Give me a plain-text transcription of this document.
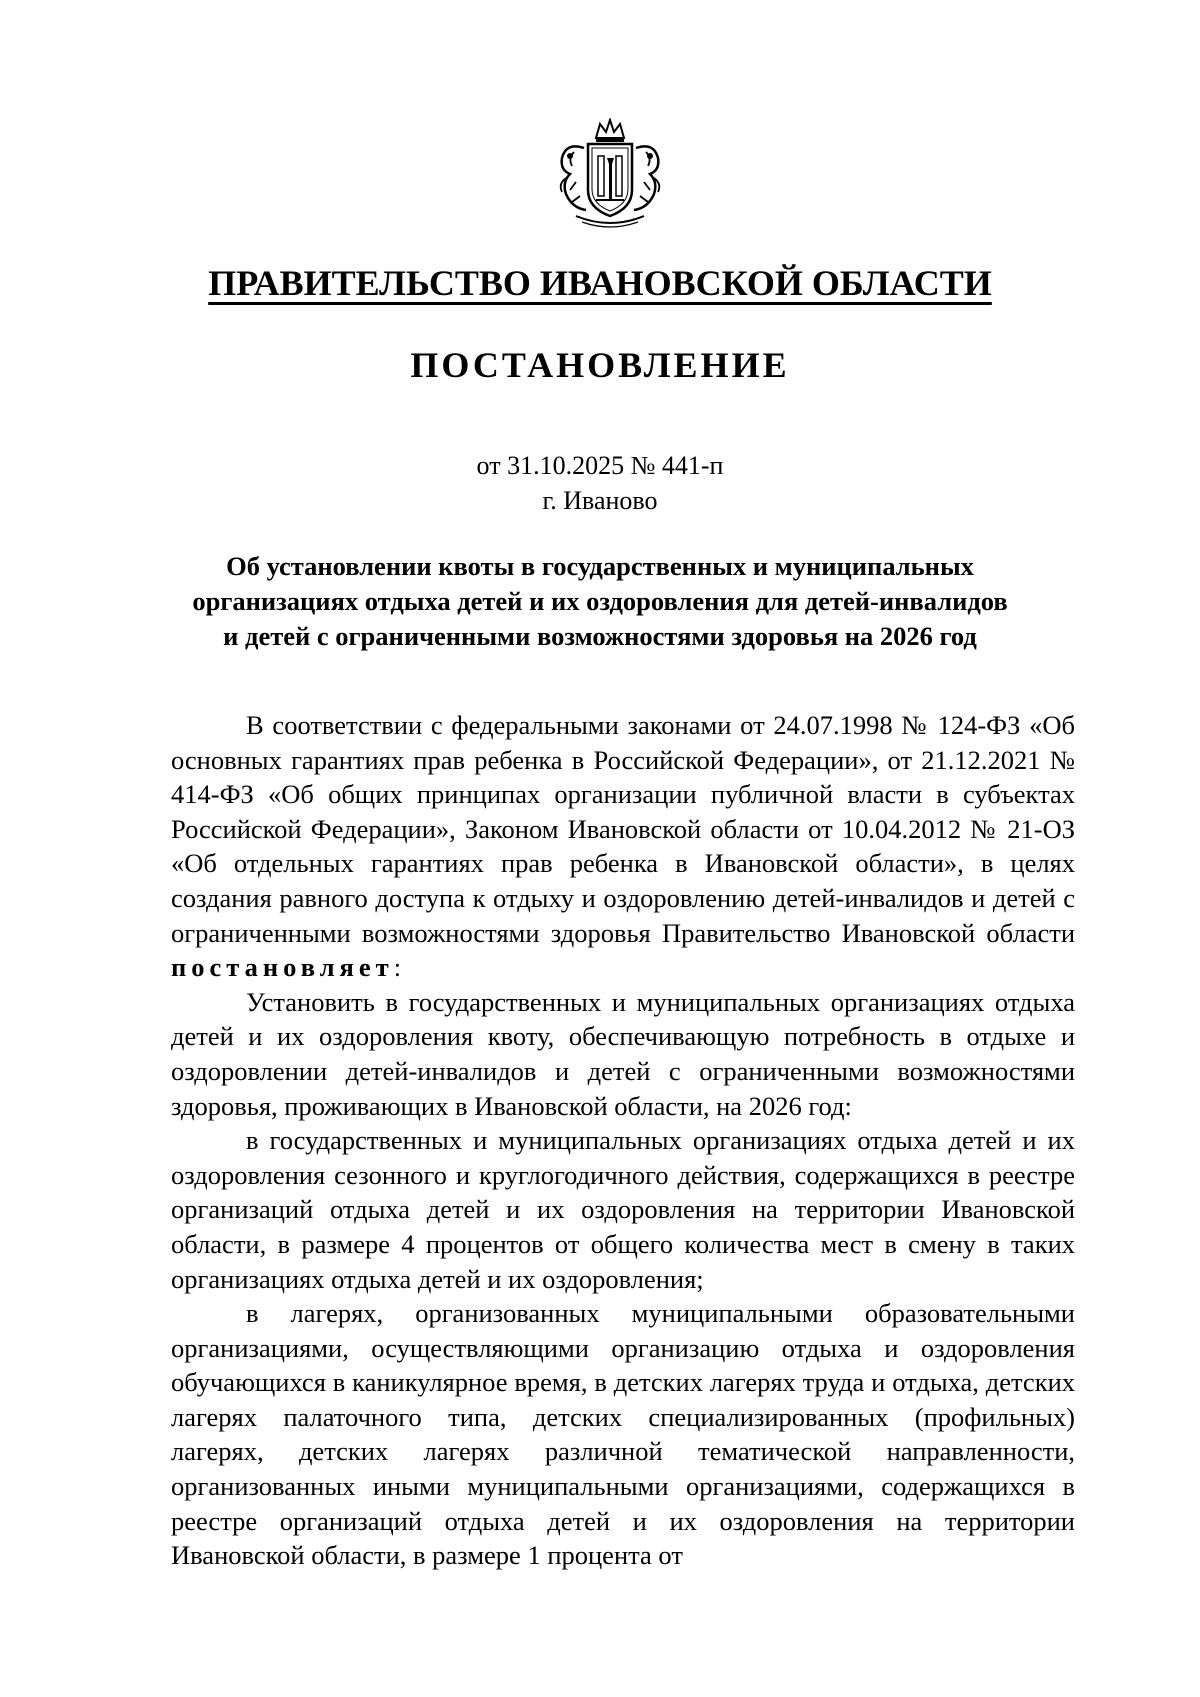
ПРАВИТЕЛЬСТВО ИВАНОВСКОЙ ОБЛАСТИ
ПОСТАНОВЛЕНИЕ
от 31.10.2025 № 441-п
г. Иваново
Об установлении квоты в государственных и муниципальных
организациях отдыха детей и их оздоровления для детей-инвалидов
и детей с ограниченными возможностями здоровья на 2026 год

В соответствии с федеральными законами от 24.07.1998 № 124-ФЗ «Об основных гарантиях прав ребенка в Российской Федерации», от 21.12.2021 № 414-ФЗ «Об общих принципах организации публичной власти в субъектах Российской Федерации», Законом Ивановской области от 10.04.2012 № 21-ОЗ «Об отдельных гарантиях прав ребенка в Ивановской области», в целях создания равного доступа к отдыху и оздоровлению детей-инвалидов и детей с ограниченными возможностями здоровья Правительство Ивановской области постановляет:

Установить в государственных и муниципальных организациях отдыха детей и их оздоровления квоту, обеспечивающую потребность в отдыхе и оздоровлении детей-инвалидов и детей с ограниченными возможностями здоровья, проживающих в Ивановской области, на 2026 год:

в государственных и муниципальных организациях отдыха детей и их оздоровления сезонного и круглогодичного действия, содержащихся в реестре организаций отдыха детей и их оздоровления на территории Ивановской области, в размере 4 процентов от общего количества мест в смену в таких организациях отдыха детей и их оздоровления;

в лагерях, организованных муниципальными образовательными организациями, осуществляющими организацию отдыха и оздоровления обучающихся в каникулярное время, в детских лагерях труда и отдыха, детских лагерях палаточного типа, детских специализированных (профильных) лагерях, детских лагерях различной тематической направленности, организованных иными муниципальными организациями, содержащихся в реестре организаций отдыха детей и их оздоровления на территории Ивановской области, в размере 1 процента от
